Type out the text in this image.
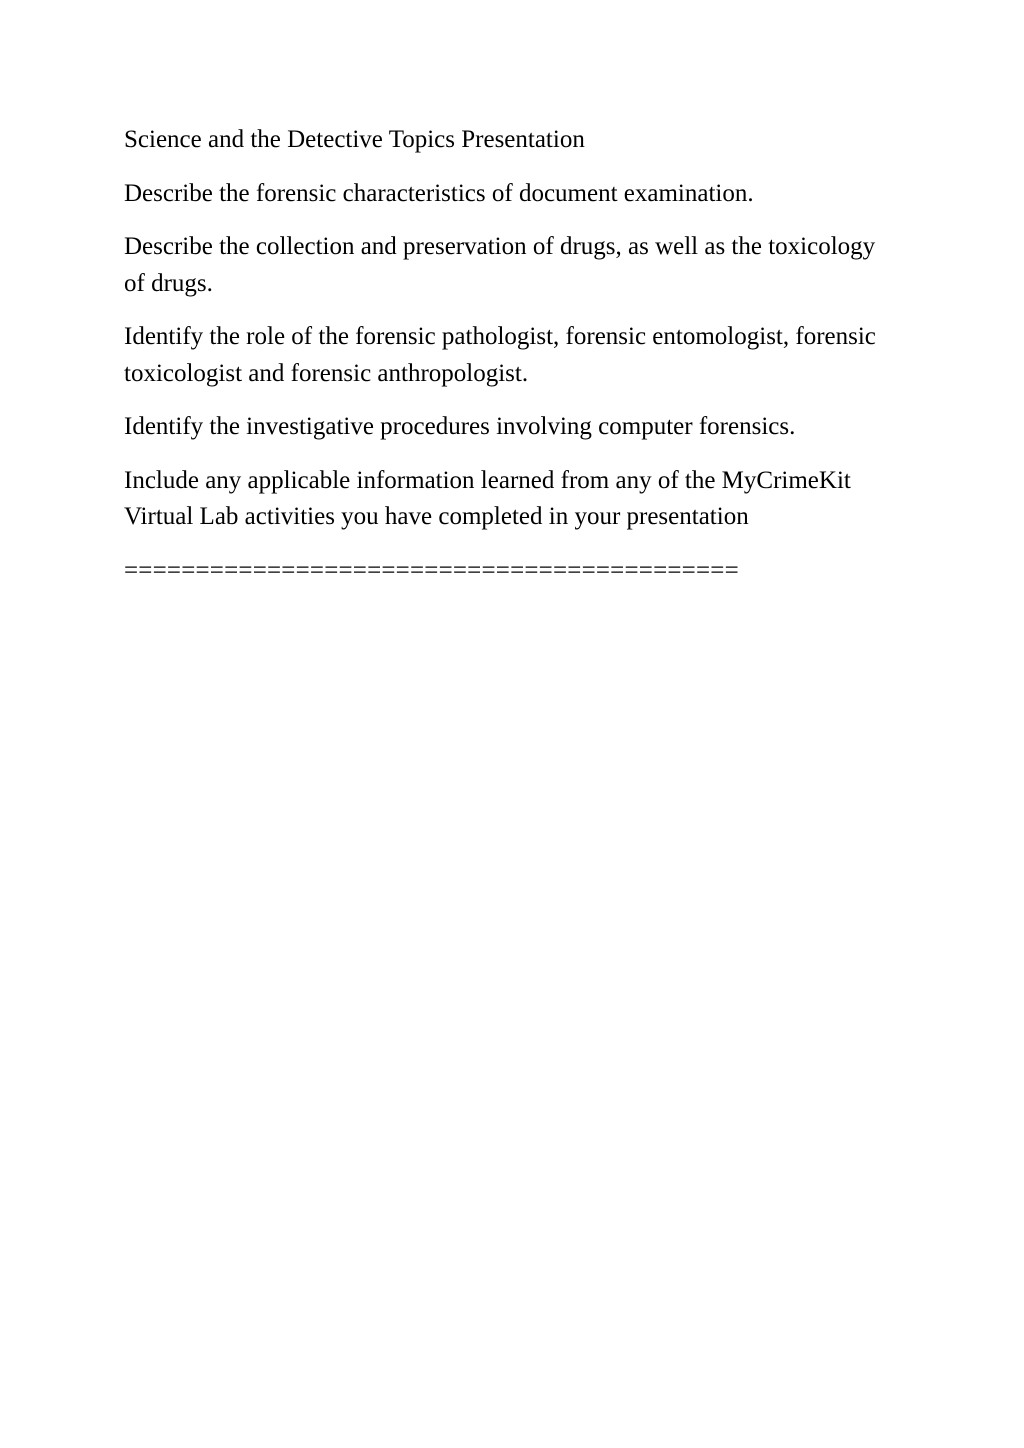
Science and the Detective Topics Presentation

Describe the forensic characteristics of document examination.

Describe the collection and preservation of drugs, as well as the toxicology of drugs.

Identify the role of the forensic pathologist, forensic entomologist, forensic toxicologist and forensic anthropologist.

Identify the investigative procedures involving computer forensics.

Include any applicable information learned from any of the MyCrimeKit Virtual Lab activities you have completed in your presentation

===========================================
